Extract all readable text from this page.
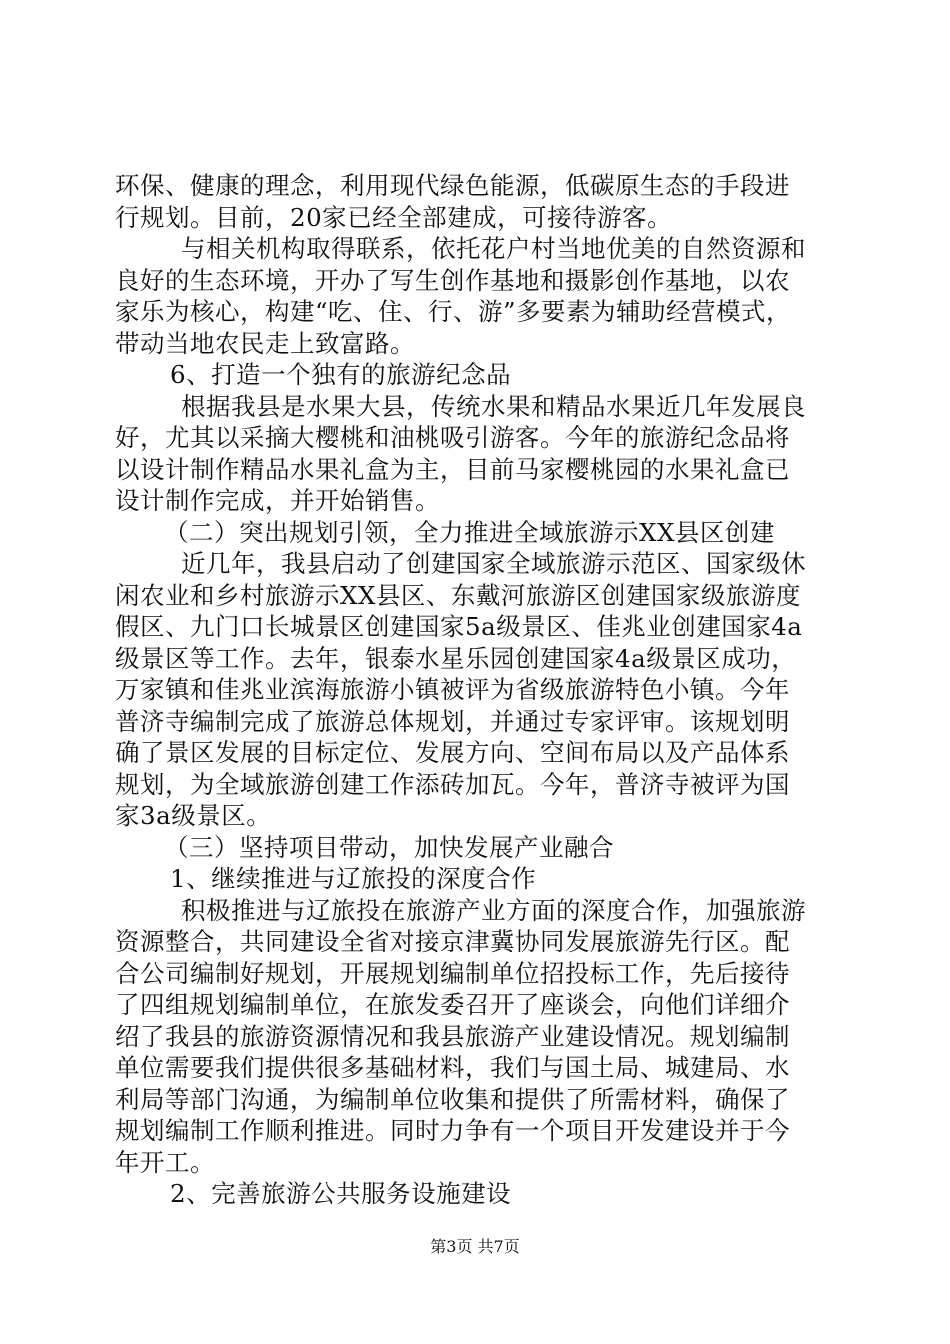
环保、健康的理念，利用现代绿色能源，低碳原生态的手段进
行规划。目前，20家已经全部建成，可接待游客。
与相关机构取得联系，依托花户村当地优美的自然资源和
良好的生态环境，开办了写生创作基地和摄影创作基地，以农
家乐为核心，构建“吃、住、行、游”多要素为辅助经营模式，
带动当地农民走上致富路。
6、打造一个独有的旅游纪念品
根据我县是水果大县，传统水果和精品水果近几年发展良
好，尤其以采摘大樱桃和油桃吸引游客。今年的旅游纪念品将
以设计制作精品水果礼盒为主，目前马家樱桃园的水果礼盒已
设计制作完成，并开始销售。
（二）突出规划引领，全力推进全域旅游示XX县区创建
近几年，我县启动了创建国家全域旅游示范区、国家级休
闲农业和乡村旅游示XX县区、东戴河旅游区创建国家级旅游度
假区、九门口长城景区创建国家5a级景区、佳兆业创建国家4a
级景区等工作。去年，银泰水星乐园创建国家4a级景区成功，
万家镇和佳兆业滨海旅游小镇被评为省级旅游特色小镇。今年
普济寺编制完成了旅游总体规划，并通过专家评审。该规划明
确了景区发展的目标定位、发展方向、空间布局以及产品体系
规划，为全域旅游创建工作添砖加瓦。今年，普济寺被评为国
家3a级景区。
（三）坚持项目带动，加快发展产业融合
1、继续推进与辽旅投的深度合作
积极推进与辽旅投在旅游产业方面的深度合作，加强旅游
资源整合，共同建设全省对接京津冀协同发展旅游先行区。配
合公司编制好规划，开展规划编制单位招投标工作，先后接待
了四组规划编制单位，在旅发委召开了座谈会，向他们详细介
绍了我县的旅游资源情况和我县旅游产业建设情况。规划编制
单位需要我们提供很多基础材料，我们与国土局、城建局、水
利局等部门沟通，为编制单位收集和提供了所需材料，确保了
规划编制工作顺利推进。同时力争有一个项目开发建设并于今
年开工。
2、完善旅游公共服务设施建设
第3页 共7页
